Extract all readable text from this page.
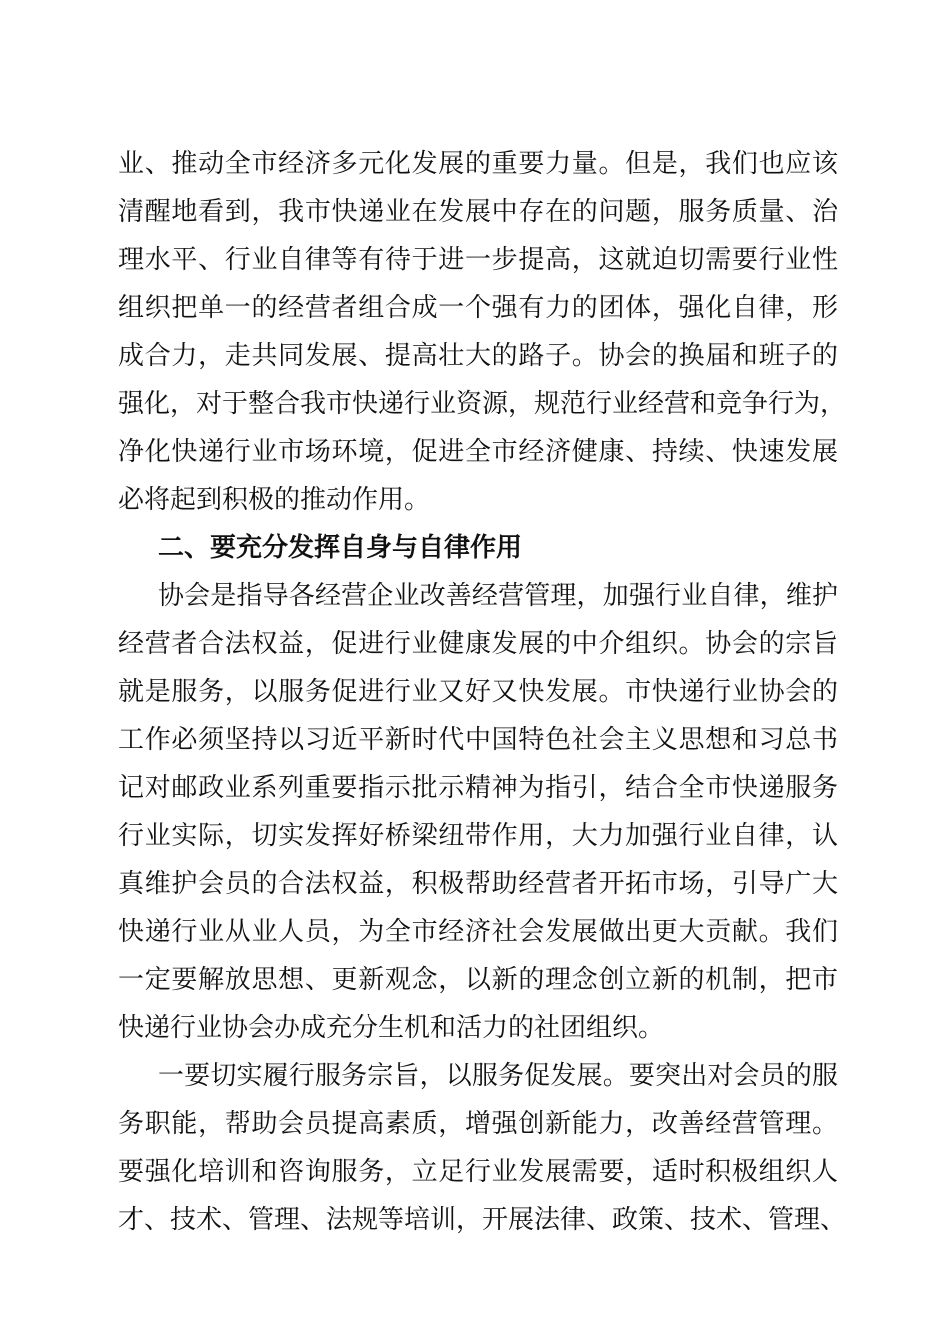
业、推动全市经济多元化发展的重要力量。但是，我们也应该
清醒地看到，我市快递业在发展中存在的问题，服务质量、治
理水平、行业自律等有待于进一步提高，这就迫切需要行业性
组织把单一的经营者组合成一个强有力的团体，强化自律，形
成合力，走共同发展、提高壮大的路子。协会的换届和班子的
强化，对于整合我市快递行业资源，规范行业经营和竞争行为，
净化快递行业市场环境，促进全市经济健康、持续、快速发展
必将起到积极的推动作用。
二、要充分发挥自身与自律作用
协会是指导各经营企业改善经营管理，加强行业自律，维护
经营者合法权益，促进行业健康发展的中介组织。协会的宗旨
就是服务，以服务促进行业又好又快发展。市快递行业协会的
工作必须坚持以习近平新时代中国特色社会主义思想和习总书
记对邮政业系列重要指示批示精神为指引，结合全市快递服务
行业实际，切实发挥好桥梁纽带作用，大力加强行业自律，认
真维护会员的合法权益，积极帮助经营者开拓市场，引导广大
快递行业从业人员，为全市经济社会发展做出更大贡献。我们
一定要解放思想、更新观念，以新的理念创立新的机制，把市
快递行业协会办成充分生机和活力的社团组织。
一要切实履行服务宗旨，以服务促发展。要突出对会员的服
务职能，帮助会员提高素质，增强创新能力，改善经营管理。
要强化培训和咨询服务，立足行业发展需要，适时积极组织人
才、技术、管理、法规等培训，开展法律、政策、技术、管理、
